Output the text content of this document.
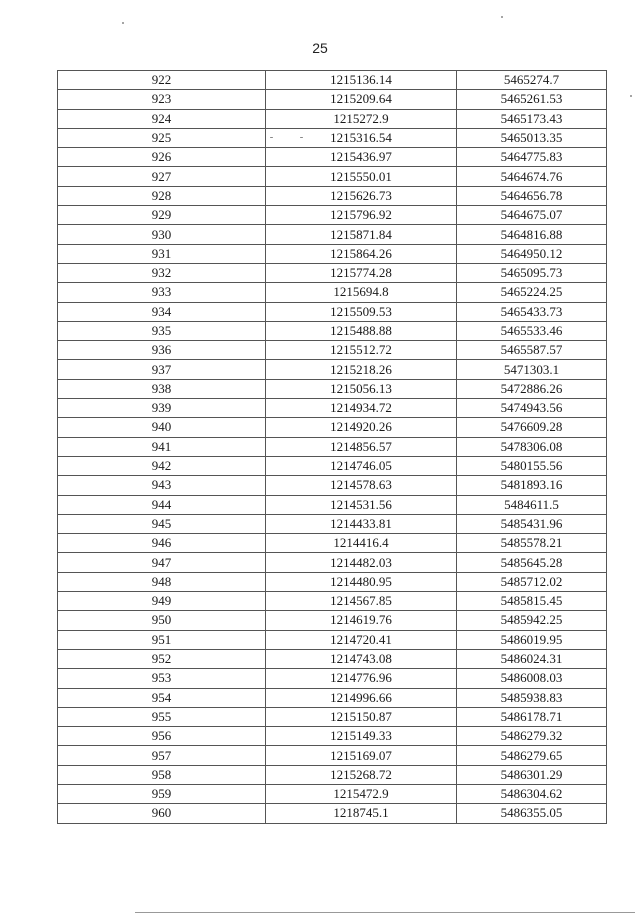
25
922	1215136.14	5465274.7
923	1215209.64	5465261.53
924	1215272.9	5465173.43
925	1215316.54	5465013.35
926	1215436.97	5464775.83
927	1215550.01	5464674.76
928	1215626.73	5464656.78
929	1215796.92	5464675.07
930	1215871.84	5464816.88
931	1215864.26	5464950.12
932	1215774.28	5465095.73
933	1215694.8	5465224.25
934	1215509.53	5465433.73
935	1215488.88	5465533.46
936	1215512.72	5465587.57
937	1215218.26	5471303.1
938	1215056.13	5472886.26
939	1214934.72	5474943.56
940	1214920.26	5476609.28
941	1214856.57	5478306.08
942	1214746.05	5480155.56
943	1214578.63	5481893.16
944	1214531.56	5484611.5
945	1214433.81	5485431.96
946	1214416.4	5485578.21
947	1214482.03	5485645.28
948	1214480.95	5485712.02
949	1214567.85	5485815.45
950	1214619.76	5485942.25
951	1214720.41	5486019.95
952	1214743.08	5486024.31
953	1214776.96	5486008.03
954	1214996.66	5485938.83
955	1215150.87	5486178.71
956	1215149.33	5486279.32
957	1215169.07	5486279.65
958	1215268.72	5486301.29
959	1215472.9	5486304.62
960	1218745.1	5486355.05
